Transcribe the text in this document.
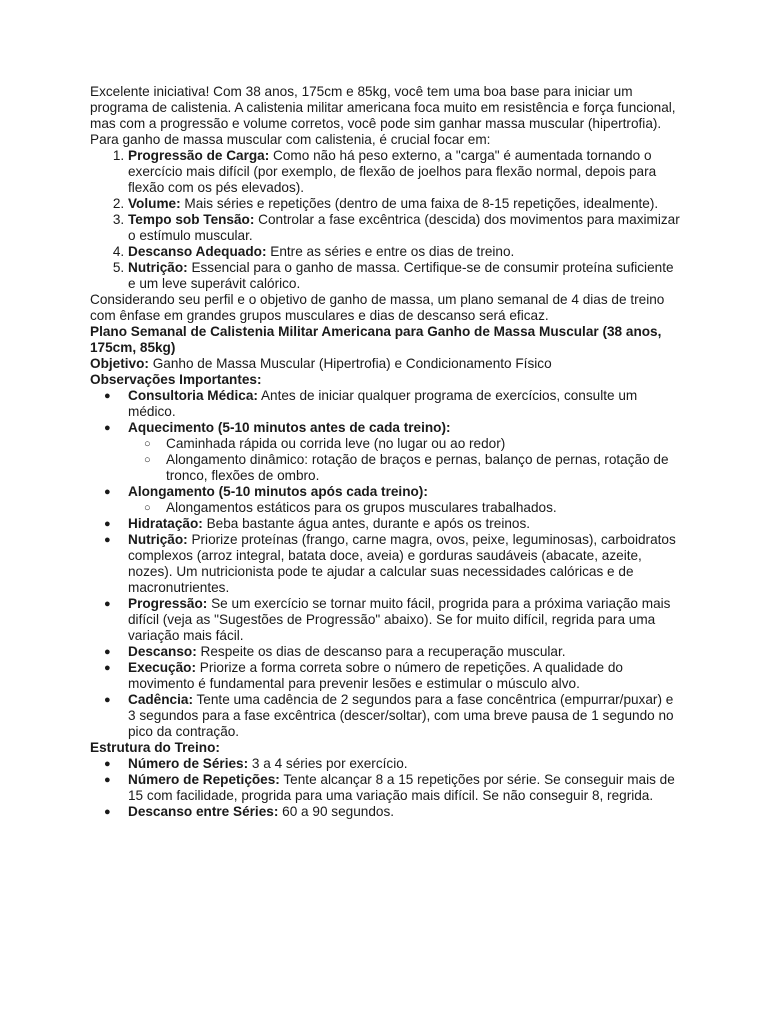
Excelente iniciativa! Com 38 anos, 175cm e 85kg, você tem uma boa base para iniciar um programa de calistenia. A calistenia militar americana foca muito em resistência e força funcional, mas com a progressão e volume corretos, você pode sim ganhar massa muscular (hipertrofia).

Para ganho de massa muscular com calistenia, é crucial focar em:

1. Progressão de Carga: Como não há peso externo, a "carga" é aumentada tornando o exercício mais difícil (por exemplo, de flexão de joelhos para flexão normal, depois para flexão com os pés elevados).
2. Volume: Mais séries e repetições (dentro de uma faixa de 8-15 repetições, idealmente).
3. Tempo sob Tensão: Controlar a fase excêntrica (descida) dos movimentos para maximizar o estímulo muscular.
4. Descanso Adequado: Entre as séries e entre os dias de treino.
5. Nutrição: Essencial para o ganho de massa. Certifique-se de consumir proteína suficiente e um leve superávit calórico.

Considerando seu perfil e o objetivo de ganho de massa, um plano semanal de 4 dias de treino com ênfase em grandes grupos musculares e dias de descanso será eficaz.

Plano Semanal de Calistenia Militar Americana para Ganho de Massa Muscular (38 anos, 175cm, 85kg)

Objetivo: Ganho de Massa Muscular (Hipertrofia) e Condicionamento Físico

Observações Importantes:

● Consultoria Médica: Antes de iniciar qualquer programa de exercícios, consulte um médico.
● Aquecimento (5-10 minutos antes de cada treino):
○ Caminhada rápida ou corrida leve (no lugar ou ao redor)
○ Alongamento dinâmico: rotação de braços e pernas, balanço de pernas, rotação de tronco, flexões de ombro.
● Alongamento (5-10 minutos após cada treino):
○ Alongamentos estáticos para os grupos musculares trabalhados.
● Hidratação: Beba bastante água antes, durante e após os treinos.
● Nutrição: Priorize proteínas (frango, carne magra, ovos, peixe, leguminosas), carboidratos complexos (arroz integral, batata doce, aveia) e gorduras saudáveis (abacate, azeite, nozes). Um nutricionista pode te ajudar a calcular suas necessidades calóricas e de macronutrientes.
● Progressão: Se um exercício se tornar muito fácil, progrida para a próxima variação mais difícil (veja as "Sugestões de Progressão" abaixo). Se for muito difícil, regrida para uma variação mais fácil.
● Descanso: Respeite os dias de descanso para a recuperação muscular.
● Execução: Priorize a forma correta sobre o número de repetições. A qualidade do movimento é fundamental para prevenir lesões e estimular o músculo alvo.
● Cadência: Tente uma cadência de 2 segundos para a fase concêntrica (empurrar/puxar) e 3 segundos para a fase excêntrica (descer/soltar), com uma breve pausa de 1 segundo no pico da contração.

Estrutura do Treino:

● Número de Séries: 3 a 4 séries por exercício.
● Número de Repetições: Tente alcançar 8 a 15 repetições por série. Se conseguir mais de 15 com facilidade, progrida para uma variação mais difícil. Se não conseguir 8, regrida.
● Descanso entre Séries: 60 a 90 segundos.
